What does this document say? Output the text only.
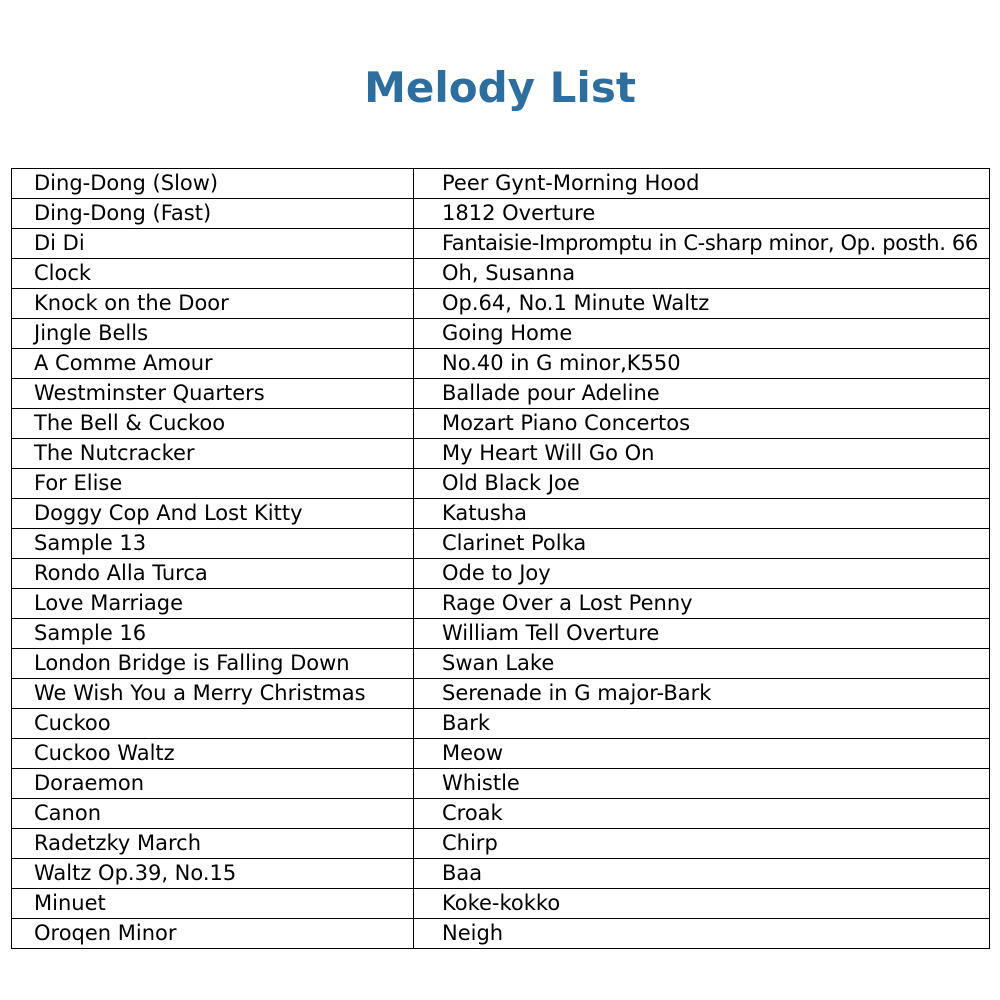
Melody List
Ding-Dong (Slow)	Peer Gynt-Morning Hood
Ding-Dong (Fast)	1812 Overture
Di Di	Fantaisie-Impromptu in C-sharp minor, Op. posth. 66
Clock	Oh, Susanna
Knock on the Door	Op.64, No.1 Minute Waltz
Jingle Bells	Going Home
A Comme Amour	No.40 in G minor,K550
Westminster Quarters	Ballade pour Adeline
The Bell & Cuckoo	Mozart Piano Concertos
The Nutcracker	My Heart Will Go On
For Elise	Old Black Joe
Doggy Cop And Lost Kitty	Katusha
Sample 13	Clarinet Polka
Rondo Alla Turca	Ode to Joy
Love Marriage	Rage Over a Lost Penny
Sample 16	William Tell Overture
London Bridge is Falling Down	Swan Lake
We Wish You a Merry Christmas	Serenade in G major-Bark
Cuckoo	Bark
Cuckoo Waltz	Meow
Doraemon	Whistle
Canon	Croak
Radetzky March	Chirp
Waltz Op.39, No.15	Baa
Minuet	Koke-kokko
Oroqen Minor	Neigh
